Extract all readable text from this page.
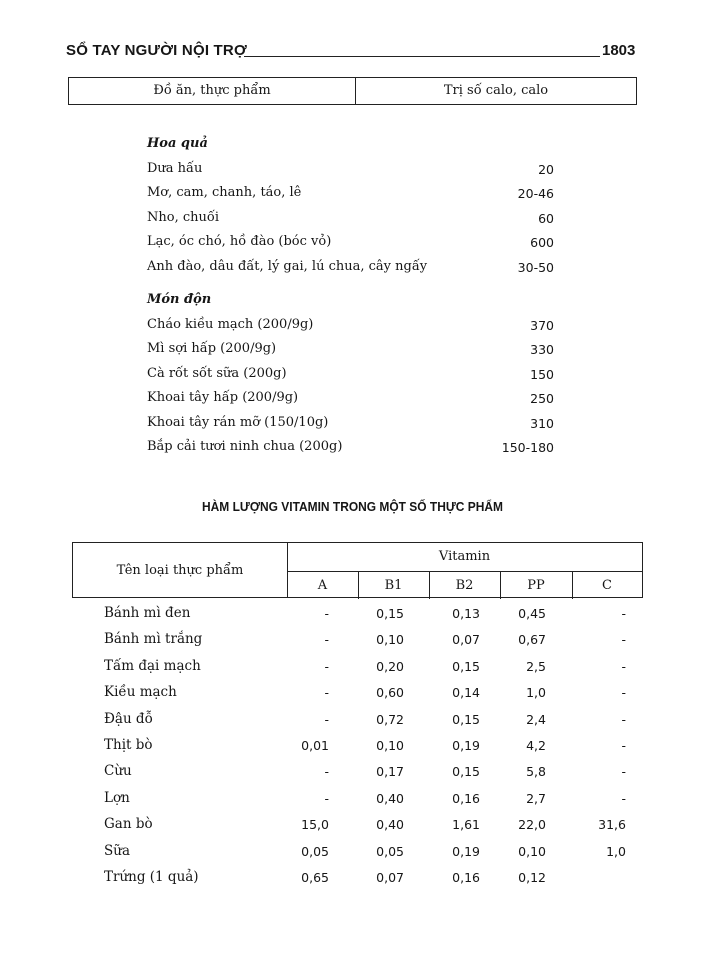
SỔ TAY NGƯỜI NỘI TRỢ	1803
Đồ ăn, thực phẩm	Trị số calo, calo
Hoa quả
Dưa hấu	20
Mơ, cam, chanh, táo, lê	20-46
Nho, chuối	60
Lạc, óc chó, hồ đào (bóc vỏ)	600
Anh đào, dâu đất, lý gai, lú chua, cây ngấy	30-50
Món độn
Cháo kiều mạch (200/9g)	370
Mì sợi hấp (200/9g)	330
Cà rốt sốt sữa (200g)	150
Khoai tây hấp (200/9g)	250
Khoai tây rán mỡ (150/10g)	310
Bắp cải tươi ninh chua (200g)	150-180
HÀM LƯỢNG VITAMIN TRONG MỘT SỐ THỰC PHẨM
Tên loại thực phẩm
Vitamin
A	B1	B2	PP	C
Bánh mì đen	-	0,15	0,13	0,45	-
Bánh mì trắng	-	0,10	0,07	0,67	-
Tấm đại mạch	-	0,20	0,15	2,5	-
Kiều mạch	-	0,60	0,14	1,0	-
Đậu đỗ	-	0,72	0,15	2,4	-
Thịt bò	0,01	0,10	0,19	4,2	-
Cừu	-	0,17	0,15	5,8	-
Lợn	-	0,40	0,16	2,7	-
Gan bò	15,0	0,40	1,61	22,0	31,6
Sữa	0,05	0,05	0,19	0,10	1,0
Trứng (1 quả)	0,65	0,07	0,16	0,12
